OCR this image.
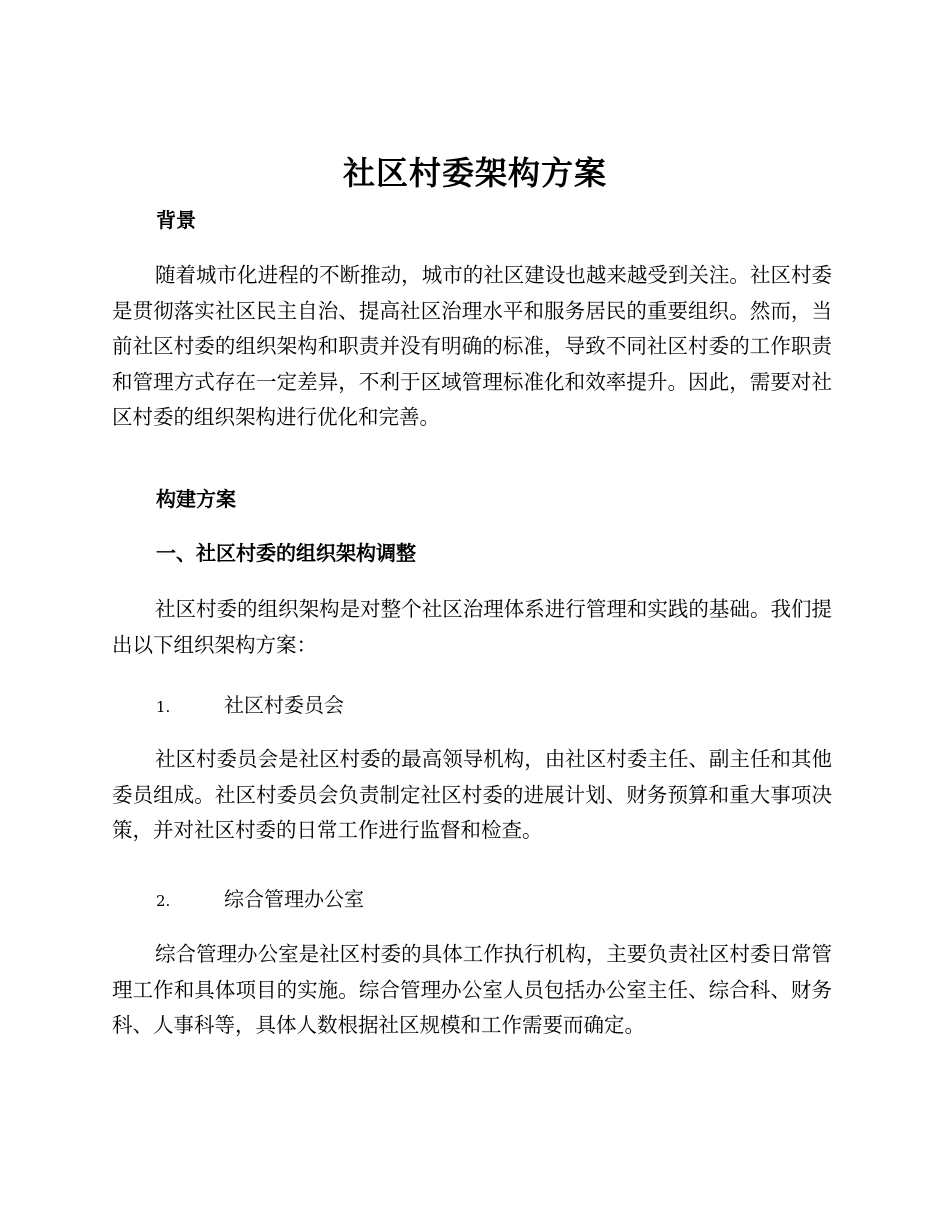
社区村委架构方案
背景

随着城市化进程的不断推动，城市的社区建设也越来越受到关注。社区村委是贯彻落实社区民主自治、提高社区治理水平和服务居民的重要组织。然而，当前社区村委的组织架构和职责并没有明确的标准，导致不同社区村委的工作职责和管理方式存在一定差异，不利于区域管理标准化和效率提升。因此，需要对社区村委的组织架构进行优化和完善。

构建方案
一、社区村委的组织架构调整

社区村委的组织架构是对整个社区治理体系进行管理和实践的基础。我们提出以下组织架构方案：

1.	社区村委员会

社区村委员会是社区村委的最高领导机构，由社区村委主任、副主任和其他委员组成。社区村委员会负责制定社区村委的进展计划、财务预算和重大事项决策，并对社区村委的日常工作进行监督和检查。

2.	综合管理办公室

综合管理办公室是社区村委的具体工作执行机构，主要负责社区村委日常管理工作和具体项目的实施。综合管理办公室人员包括办公室主任、综合科、财务科、人事科等，具体人数根据社区规模和工作需要而确定。
